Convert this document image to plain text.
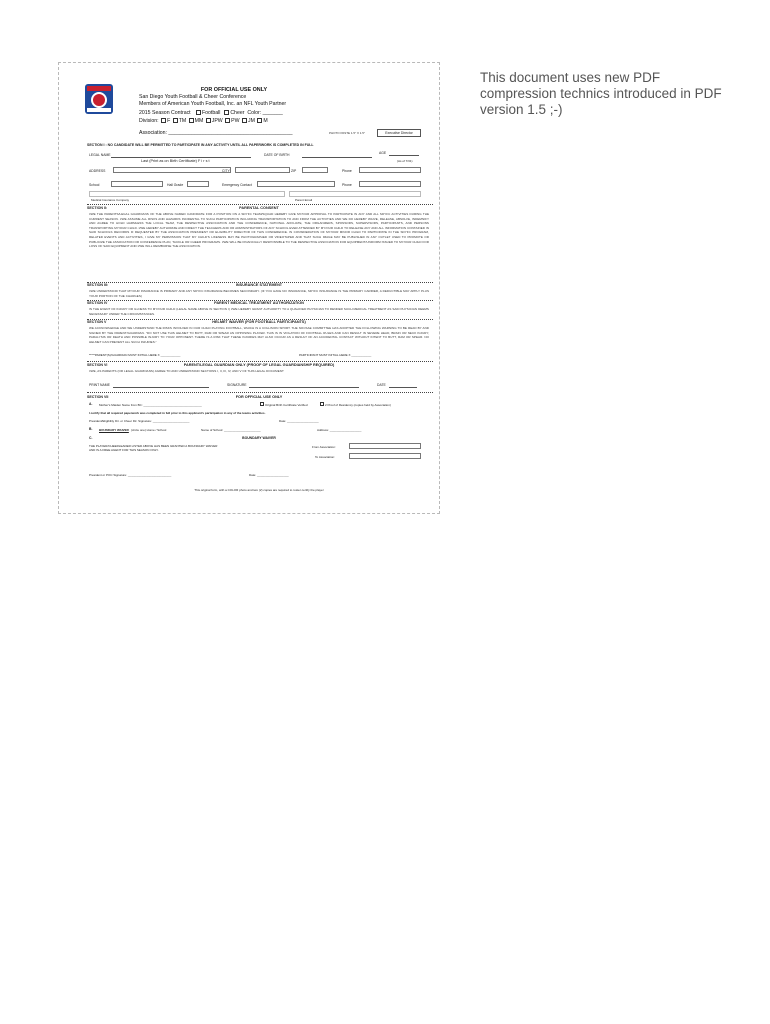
This document uses new PDF compression technics introduced in PDF version 1.5 ;-)
FOR OFFICIAL USE ONLY
San Diego Youth Football & Cheer Conference
Members of American Youth Football, Inc. an NFL Youth Partner
2015 Season Contract Football Cheer Color: _______
Division: F TM MM JPW PW JM M
Association: ___________________________________________	PHOTO PASTE 1.5" X 1.5"	Executive Director
SECTION I : NO CANDIDATE WILL BE PERMITTED TO PARTICIPATE IN ANY ACTIVITY UNTIL ALL PAPERWORK IS COMPLETED IN FULL
LEGAL NAME	DATE OF BIRTH	AGE
Last (Print as on Birth Certificate) F i r s t	(As of 7/31)
ADDRESS	CITY	ZIP	Phone
School	Hall Grade	Emergency Contact	Phone
Medical Insurance Company	Parent Email
SECTION II:	PARENTAL CONSENT
I/WE THE PARENTS/LEGAL GUARDIANS OF THE ABOVE NAMED CANDIDATE FOR A POSITION ON A SDYFC TEAM/SQUAD HEREBY GIVE MY/OUR APPROVAL TO PARTICIPATE IN ANY AND ALL SDYFC ACTIVITIES DURING THE CURRENT SEASON. I/WE ASSUME ALL RISKS AND HAZARDS INCIDENTAL TO SUCH PARTICIPATION INCLUDING TRANSPORTATION TO AND FROM THE ACTIVITIES AND WE DO HEREBY WAIVE, RELEASE, ABSOLVE, INDEMNIFY AND AGREE TO HOLD HARMLESS THE LOCAL TEAM, THE RESPECTIVE ASSOCIATION AND THE CONFERENCE, NATIONAL AFFILIATE, THE ORGANIZERS, SPONSORS, SUPERVISORS, PARTICIPANTS, AND PERSONS TRANSPORTING MY/OUR CHILD. I/WE HEREBY AUTHORIZE AND DIRECT THE TEACHERS AND OR ADMINISTRATORS OF ANY SCHOOL EVER ATTENDED BY MY/OUR CHILD TO RELEASE ANY AND ALL INFORMATION CONTAINED IN SAID SCHOOLS RECORDS IF REQUESTED BY THE ASSOCIATION PRESIDENT OR ELIGIBILITY DIRECTOR OF THIS CONFERENCE. IN CONSIDERATION OF MY/OUR MINOR CHILD TO PARTICIPATE IN THE SDYFC PROGRAM, RELATED EVENTS AND ACTIVITIES, I GIVE MY PERMISSION THAT MY CHILD'S LIKENESS MAY BE PHOTOGRAPHED OR VIDEOTAPED AND THAT SUCH IMAGE MAY BE PUBLISHED IN ANY OUTLET USED TO PROMOTE OR PUBLICIZE THE ASSOCIATION OR CONFERENCE PLAN, TACKLE OR CHEER PROGRAMS. I/WE WILL BE FINANCIALLY RESPONSIBLE TO THE RESPECTIVE ASSOCIATION FOR EQUIPMENT/UNIFORM ISSUED TO MY/OUR CHILD FOR LOSS OF SAID EQUIPMENT AND I/WE WILL REIMBURSE THE ASSOCIATION.
SECTION III:	INSURANCE STATEMENT
I/WE UNDERSTAND THAT MY/OUR INSURANCE IS PRIMARY AND ANY SDYFC INSURANCE BECOMES SECONDARY. (IF YOU HAVE NO INSURANCE, SDYFC INSURANCE IS THE PRIMARY CARRIER, A DEDUCTIBLE MAY APPLY PLUS YOUR PORTION OF THE CHARGES)
SECTION IV	PARENT MEDICAL TREATMENT AUTHORIZATION
IN THE EVENT OF INJURY OR ILLNESS TO MY/OUR CHILD (LEGAL NAME ABOVE IN SECTION I) I/WE HEREBY GRANT AUTHORITY TO A QUALIFIED PHYSICIAN TO RENDER SUCH MEDICAL TREATMENT AS SAID PHYSICIAN DEEMS NECESSARY UNDER THE CIRCUMSTANCES.
SECTION V	HELMET WAIVER (FOR FOOTBALL PARTICIPANTS)
WE ACKNOWLEDGE AND WE UNDERSTAND THE RISKS INVOLVED IN OUR CHILD PLAYING FOOTBALL, WHICH IS A COLLISION SPORT. THE NOCSAE COMMITTEE HAS ADOPTED THE FOLLOWING WARNING TO BE READ BY AND SIGNED BY THE PARENT/GUARDIAN. "DO NOT USE THIS HELMET TO BUTT, RAM OR SPEAR AN OPPOSING PLAYER. THIS IS IN VIOLATION OF FOOTBALL RULES AND CAN RESULT IN SEVERE HEAD, BRAIN OR NECK INJURY, PARALYSIS OR DEATH AND POSSIBLE INJURY TO YOUR OPPONENT. THERE IS A RISK THAT THESE INJURIES MAY ALSO OCCUR AS A RESULT OF AN ACCIDENTAL CONTACT WITHOUT INTENT TO BUTT, RAM OR SPEAR. NO HELMET CAN PREVENT ALL SUCH INJURIES."
*****PARENT(S)/GUARDIAN MUST INITIAL HERE X ____________	PARTICIPANT MUST INITIAL HERE X ____________
SECTION VI	PARENT/LEGAL GUARDIAN ONLY (PROOF OF LEGAL GUARDIANSHIP REQUIRED)
I/WE, AS PARENTS (OR LEGAL GUARDIANS) AGREE TO AND UNDERSTAND SECTIONS I, II, III, IV, AND V OF THIS LEGAL DOCUMENT
PRINT NAME	SIGNATURE	DATE
SECTION VII	FOR OFFICIAL USE ONLY
A. Mother's Maiden Name from BC: ___________________________________	Original Birth Certificate Verified	2 Proof of Residency (copies held by Association)
I certify that all required paperwork was completed in full prior to this applicant's participation in any of the teams activities.
President/Eligibility Dir. or Cheer Dir. Signature: ______________________	Date: ___________________
B. BOUNDARY WAIVER (circle one) Home / School	Name of School: ______________________	Address: ___________________
C.	BOUNDARY WAIVER
THE PLAYER/CHEERLEADER LISTED ABOVE HAS BEEN GRANTED A BOUNDARY WAIVER AND IS A FREE AGENT FOR THIS SEASON ONLY.
From Association:
To Association:
President or POC Signature: __________________________	Date: ___________________
This original form, with a COLOR photo and two (2) copies are required to roster certify the player
